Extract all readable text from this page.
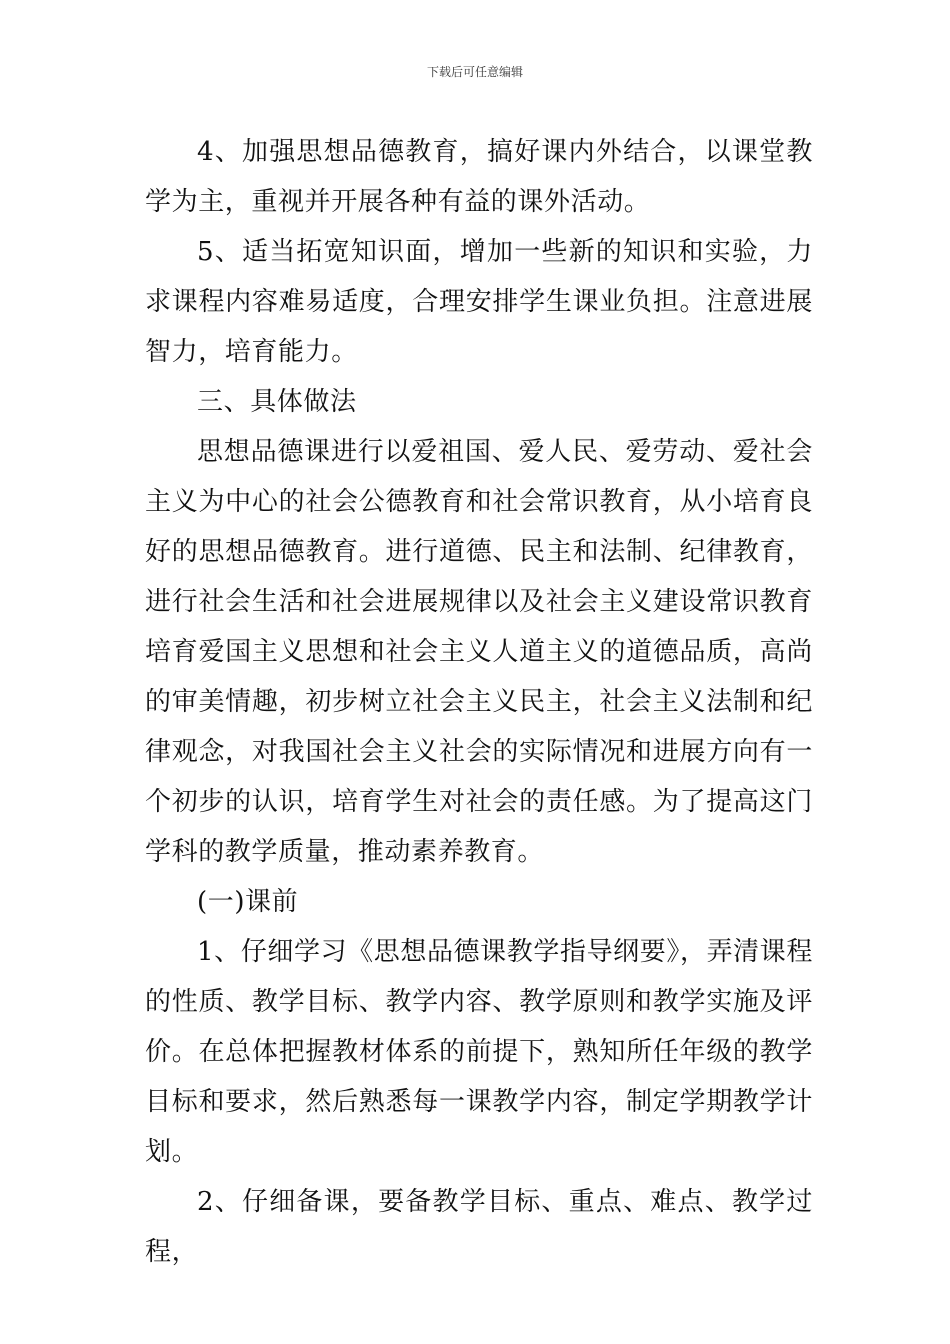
下载后可任意编辑

4、加强思想品德教育，搞好课内外结合，以课堂教学为主，重视并开展各种有益的课外活动。

5、适当拓宽知识面，增加一些新的知识和实验，力求课程内容难易适度，合理安排学生课业负担。注意进展智力，培育能力。

三、具体做法

思想品德课进行以爱祖国、爱人民、爱劳动、爱社会主义为中心的社会公德教育和社会常识教育，从小培育良好的思想品德教育。进行道德、民主和法制、纪律教育，进行社会生活和社会进展规律以及社会主义建设常识教育培育爱国主义思想和社会主义人道主义的道德品质，高尚的审美情趣，初步树立社会主义民主，社会主义法制和纪律观念，对我国社会主义社会的实际情况和进展方向有一个初步的认识，培育学生对社会的责任感。为了提高这门学科的教学质量，推动素养教育。

(一)课前

1、仔细学习《思想品德课教学指导纲要》，弄清课程的性质、教学目标、教学内容、教学原则和教学实施及评价。在总体把握教材体系的前提下，熟知所任年级的教学目标和要求，然后熟悉每一课教学内容，制定学期教学计划。

2、仔细备课，要备教学目标、重点、难点、教学过程，
